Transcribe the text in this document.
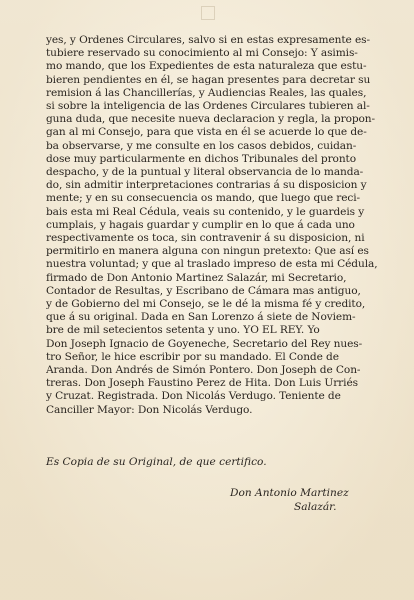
yes, y Ordenes Circulares, salvo si en estas expresamente es-
tubiere reservado su conocimiento al mi Consejo: Y asimis-
mo mando, que los Expedientes de esta naturaleza que estu-
bieren pendientes en él, se hagan presentes para decretar su
remision á las Chancillerías, y Audiencias Reales, las quales,
si sobre la inteligencia de las Ordenes Circulares tubieren al-
guna duda, que necesite nueva declaracion y regla, la propon-
gan al mi Consejo, para que vista en él se acuerde lo que de-
ba observarse, y me consulte en los casos debidos, cuidan-
dose muy particularmente en dichos Tribunales del pronto
despacho, y de la puntual y literal observancia de lo manda-
do, sin admitir interpretaciones contrarias á su disposicion y
mente; y en su consecuencia os mando, que luego que reci-
bais esta mi Real Cédula, veais su contenido, y le guardeis y
cumplais, y hagais guardar y cumplir en lo que á cada uno
respectivamente os toca, sin contravenir á su disposicion, ni
permitirlo en manera alguna con ningun pretexto: Que así es
nuestra voluntad; y que al traslado impreso de esta mi Cédula,
firmado de Don Antonio Martinez Salazár, mi Secretario,
Contador de Resultas, y Escribano de Cámara mas antiguo,
y de Gobierno del mi Consejo, se le dé la misma fé y credito,
que á su original. Dada en San Lorenzo á siete de Noviem-
bre de mil setecientos setenta y uno. YO EL REY. Yo
Don Joseph Ignacio de Goyeneche, Secretario del Rey nues-
tro Señor, le hice escribir por su mandado. El Conde de
Aranda. Don Andrés de Simón Pontero. Don Joseph de Con-
treras. Don Joseph Faustino Perez de Hita. Don Luis Urriés
y Cruzat. Registrada. Don Nicolás Verdugo. Teniente de
Canciller Mayor: Don Nicolás Verdugo.
Es Copia de su Original, de que certifico.
Don Antonio Martinez
Salazár.
